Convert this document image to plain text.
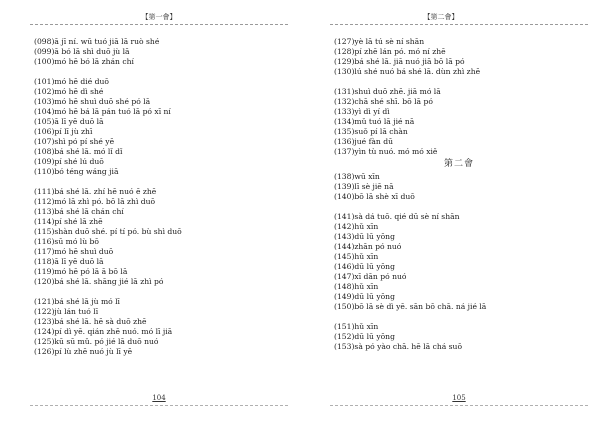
【第一會】
(098)ā jī ní. wū tuó jiā lā ruò shé
(099)ā bó lā shì duō jù lā
(100)mó hē bó lā zhán chí
(101)mó hē dié duō
(102)mó hē dì shé
(103)mó hē shuì duō shé pó lā
(104)mó hē bá lā pán tuó lā pó xī ní
(105)ā lī yē duō lā
(106)pí lī jù zhī
(107)shì pó pí shé yē
(108)bá shé lā. mó lǐ dǐ
(109)pí shé lú duō
(110)bó téng wáng jiā
(111)bá shé lā. zhí hē nuó ē zhē
(112)mó lā zhì pó. bō lā zhì duō
(113)bá shé lā chán chí
(114)pí shé lā zhē
(115)shàn duō shé. pí tí pó. bù shì duō
(116)sū mó lù bō
(117)mó hē shuì duō
(118)ā lī yē duō lā
(119)mó hē pó lā ā bō lā
(120)bá shé lā. shāng jié lā zhì pó
(121)bá shé lā jù mó lī
(122)jù lán tuó lī
(123)bá shé lā. hē sà duō zhē
(124)pí dì yē. qián zhē nuó. mó lī jiā
(125)kū sū mǔ. pó jié lā duō nuó
(126)pí lù zhē nuó jù lī yē
104
【第二會】
(127)yè lā tú sè ní shān
(128)pí zhē lán pó. mó ní zhē
(129)bá shé lā. jiā nuó jiā bō lā pó
(130)lú shé nuó bá shé lā. dùn zhì zhē
(131)shuì duō zhē. jiā mó lā
(132)chā shé shī. bō lā pó
(133)yì dì yí dì
(134)mǔ tuó lā jié nā
(135)suǒ pí lā chàn
(136)jué fàn dū
(137)yìn tù nuó. mó mó xiě
第二會
(138)wū xīn
(139)lī sè jiē nā
(140)bō lā shè xī duō
(141)sà dá tuō. qié dū sè ní shān
(142)hǔ xīn
(143)dū lū yōng
(144)zhān pó nuó
(145)hǔ xīn
(146)dū lū yōng
(147)xī dān pó nuó
(148)hǔ xīn
(149)dū lū yōng
(150)bō lā sè dì yē. sān bō chā. ná jié lā
(151)hǔ xīn
(152)dū lū yōng
(153)sà pó yào chā. hē lā chá suō
105
